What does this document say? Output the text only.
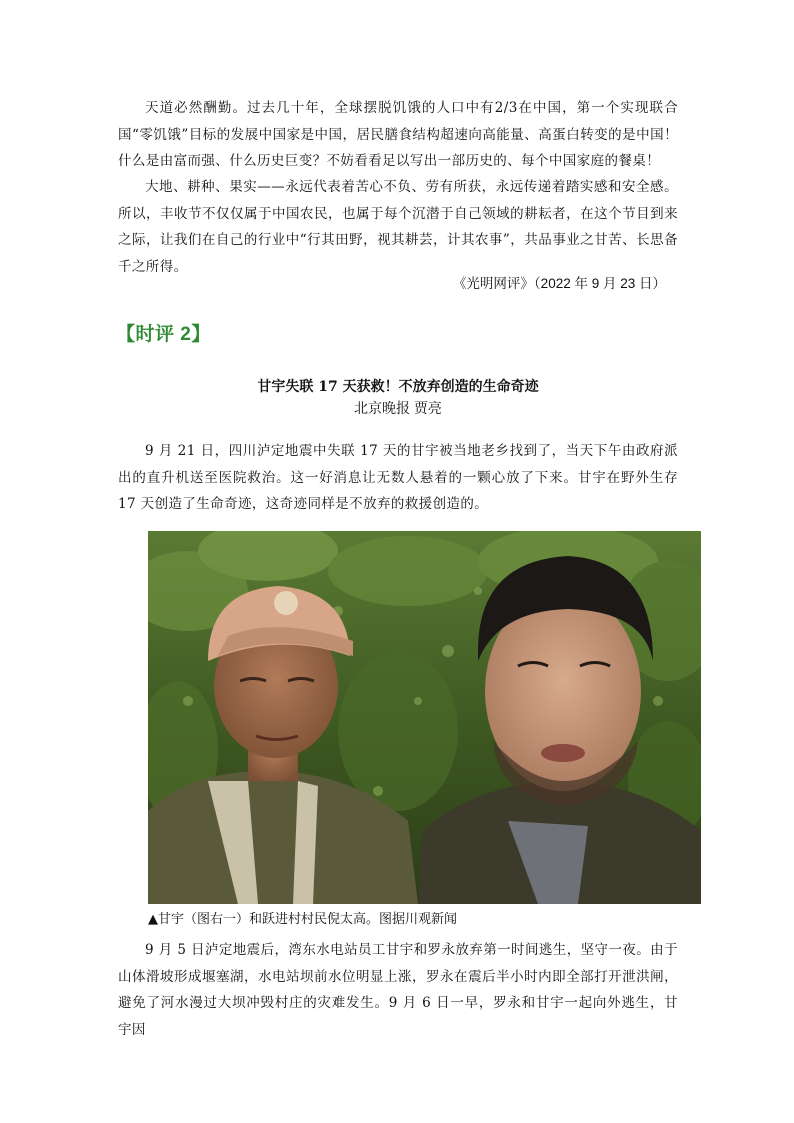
天道必然酬勤。过去几十年，全球摆脱饥饿的人口中有2/3在中国，第一个实现联合国“零饥饿”目标的发展中国家是中国，居民膳食结构超速向高能量、高蛋白转变的是中国！什么是由富而强、什么历史巨变？不妨看看足以写出一部历史的、每个中国家庭的餐桌！

大地、耕种、果实——永远代表着苦心不负、劳有所获，永远传递着踏实感和安全感。所以，丰收节不仅仅属于中国农民，也属于每个沉潜于自己领域的耕耘者，在这个节目到来之际，让我们在自己的行业中“行其田野，视其耕芸，计其农事”，共品事业之甘苦、长思备千之所得。

《光明网评》（2022 年 9 月 23 日）

【时评 2】

甘宇失联 17 天获救！不放弃创造的生命奇迹

北京晚报 贾亮

9 月 21 日，四川泸定地震中失联 17 天的甘宇被当地老乡找到了，当天下午由政府派出的直升机送至医院救治。这一好消息让无数人悬着的一颗心放了下来。甘宇在野外生存 17 天创造了生命奇迹，这奇迹同样是不放弃的救援创造的。

▲甘宇（图右一）和跃进村村民倪太高。图据川观新闻

9 月 5 日泸定地震后，湾东水电站员工甘宇和罗永放弃第一时间逃生，坚守一夜。由于山体滑坡形成堰塞湖，水电站坝前水位明显上涨，罗永在震后半小时内即全部打开泄洪闸，避免了河水漫过大坝冲毁村庄的灾难发生。9 月 6 日一早，罗永和甘宇一起向外逃生，甘宇因
